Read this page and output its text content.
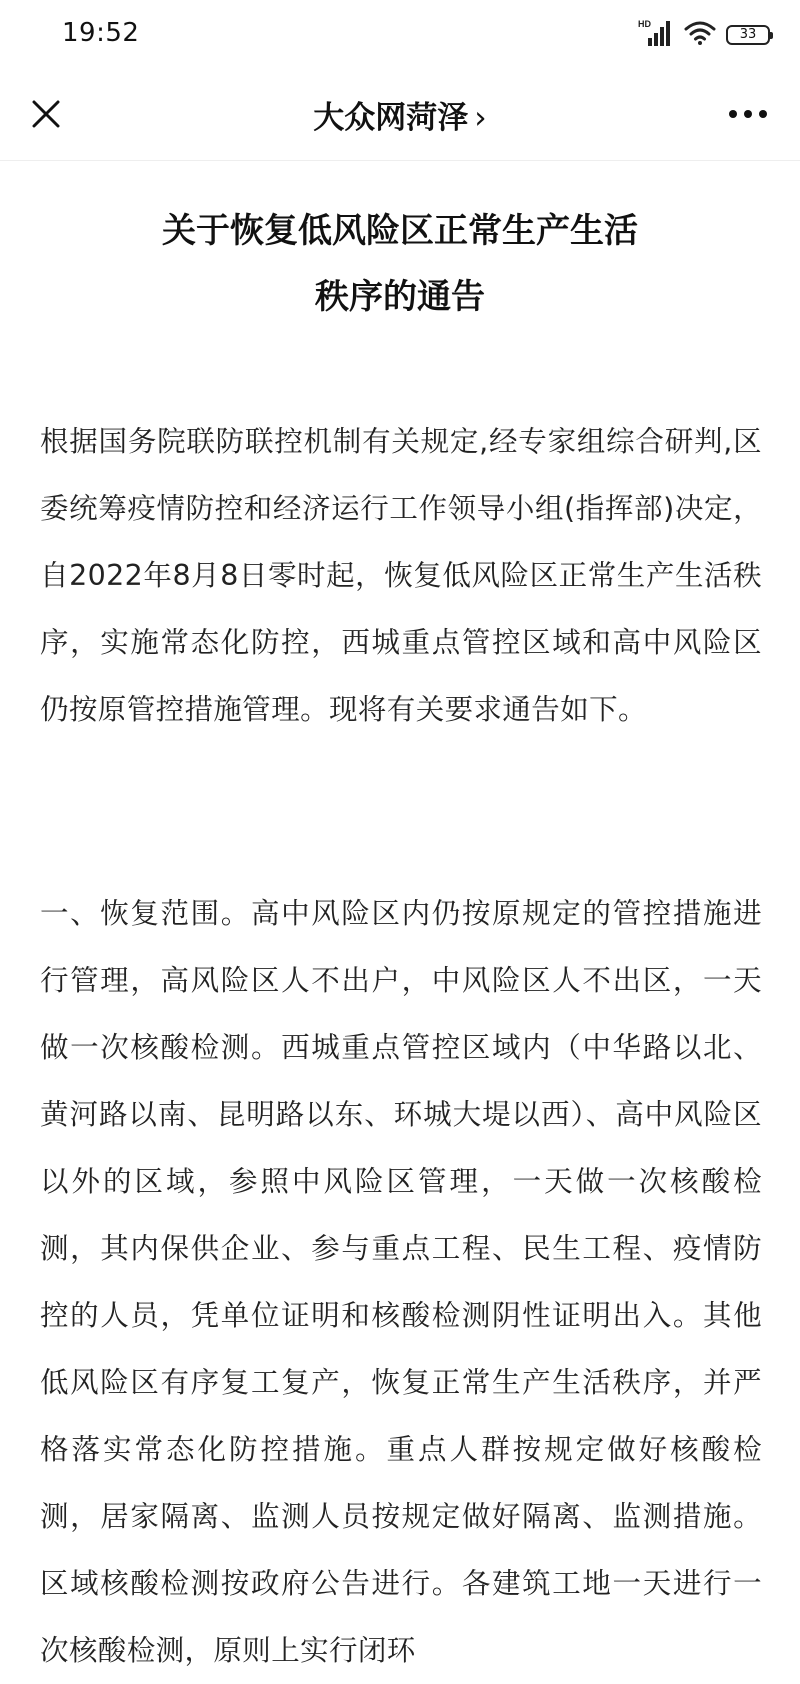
19:52	HD
33
大众网菏泽 ›
关于恢复低风险区正常生产生活
秩序的通告

根据国务院联防联控机制有关规定,经专家组综合研判,区委统筹疫情防控和经济运行工作领导小组(指挥部)决定，自2022年8月8日零时起，恢复低风险区正常生产生活秩序，实施常态化防控，西城重点管控区域和高中风险区仍按原管控措施管理。现将有关要求通告如下。

一、恢复范围。高中风险区内仍按原规定的管控措施进行管理，高风险区人不出户，中风险区人不出区，一天做一次核酸检测。西城重点管控区域内（中华路以北、黄河路以南、昆明路以东、环城大堤以西）、高中风险区以外的区域，参照中风险区管理，一天做一次核酸检测，其内保供企业、参与重点工程、民生工程、疫情防控的人员，凭单位证明和核酸检测阴性证明出入。其他低风险区有序复工复产，恢复正常生产生活秩序，并严格落实常态化防控措施。重点人群按规定做好核酸检测，居家隔离、监测人员按规定做好隔离、监测措施。区域核酸检测按政府公告进行。各建筑工地一天进行一次核酸检测，原则上实行闭环
